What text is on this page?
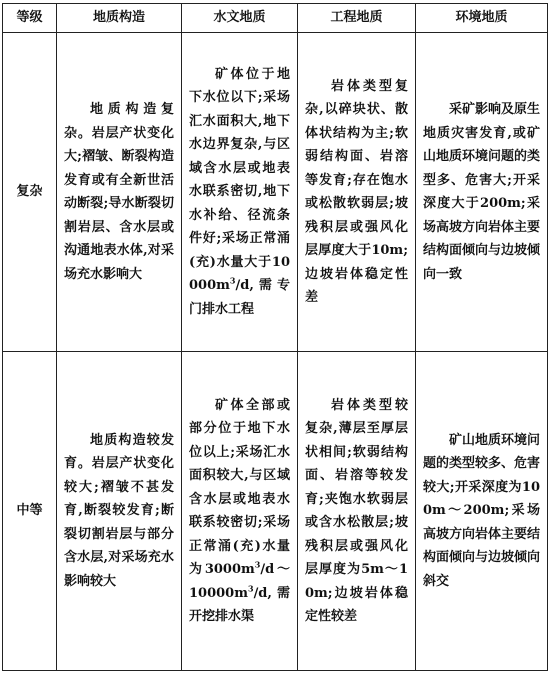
等级	地质构造	水文地质	工程地质	环境地质
复杂	地质构造复杂。岩层产状变化大;褶皱、断裂构造发育或有全新世活动断裂;导水断裂切割岩层、含水层或沟通地表水体,对采场充水影响大	矿体位于地下水位以下;采场汇水面积大,地下水边界复杂,与区域含水层或地表水联系密切,地下水补给、径流条件好;采场正常涌(充)水量大于$10000m^3/d$,需专门排水工程	岩体类型复杂,以碎块状、散体状结构为主;软弱结构面、岩溶等发育;存在饱水或松散软弱层;坡残积层或强风化层厚度大于10m;边坡岩体稳定性差	采矿影响及原生地质灾害发育,或矿山地质环境问题的类型多、危害大;开采深度大于200m;采场高坡方向岩体主要结构面倾向与边坡倾向一致
中等	地质构造较发育。岩层产状变化较大;褶皱不甚发育,断裂较发育;断裂切割岩层与部分含水层,对采场充水影响较大	矿体全部或部分位于地下水位以上;采场汇水面积较大,与区域含水层或地表水联系较密切;采场正常涌(充)水量为$3000m^3/d\sim 10000m^3/d$,需开挖排水渠	岩体类型较复杂,薄层至厚层状相间;软弱结构面、岩溶等较发育;夹饱水软弱层或含水松散层;坡残积层或强风化层厚度为5m～10m;边坡岩体稳定性较差	矿山地质环境问题的类型较多、危害较大;开采深度为100m～200m;采场高坡方向岩体主要结构面倾向与边坡倾向斜交
